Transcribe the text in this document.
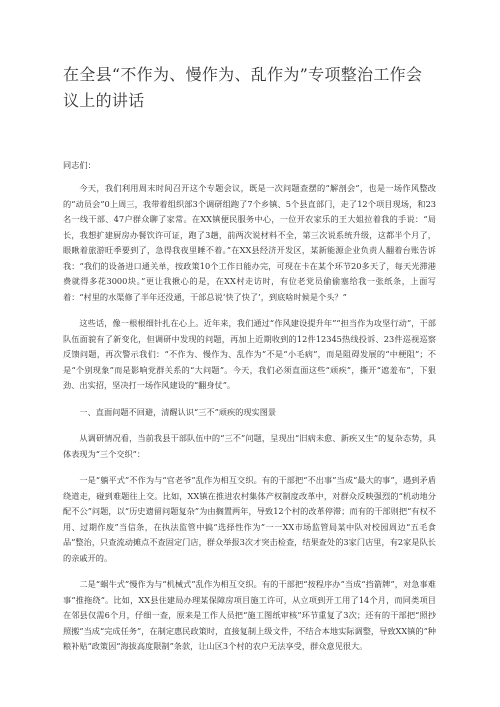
在全县“不作为、慢作为、乱作为”专项整治工作会议上的讲话

同志们：

今天，我们利用周末时间召开这个专题会议，既是一次问题查摆的“解剖会”，也是一场作风整改的“动员会”0上周三，我带着组织部3个调研组跑了7个乡镇、5个县直部门，走了12个项目现场，和23名一线干部、47户群众聊了家常。在XX镇便民服务中心，一位开农家乐的王大姐拉着我的手说：“局长，我想扩建厨房办餐饮许可证，跑了3趟，前两次说材料不全，第三次说系统升级，这都半个月了，眼瞅着旅游旺季要到了，急得我夜里睡不着。”在XX县经济开发区，某新能源企业负责人翻着台账告诉我：“我们的设备进口通关单，按政策10个工作日能办完，可现在卡在某个环节20多天了，每天光滞港费就得多花3000块。”更让我揪心的是，在XX村走访时，有位老党员偷偷塞给我一张纸条，上面写着：“村里的水渠修了半年还没通，干部总说‘快了快了’，到底啥时候是个头？”

这些话，像一根根细针扎在心上。近年来，我们通过“作风建设提升年”“担当作为攻坚行动”，干部队伍面貌有了新变化，但调研中发现的问题，再加上近期收到的12件12345热线投诉、23件巡视巡察反馈问题，再次警示我们：“不作为、慢作为、乱作为”不是“小毛病”，而是阻碍发展的“中梗阻”；不是“个别现象”而是影响党群关系的“大问题”。今天，我们必须直面这些“顽疾”，撕开“遮羞布”，下狠劲、出实招，坚决打一场作风建设的“翻身仗”。

一、直面问题不回避，清醒认识“三不”顽疾的现实图景

从调研情况看，当前我县干部队伍中的“三不”问题，呈现出“旧病未愈、新疾又生”的复杂态势，具体表现为“三个交织”：

一是“躺平式”不作为与“官老爷”乱作为相互交织。有的干部把“不出事”当成“最大的事”，遇到矛盾绕道走，碰到难题往上交。比如，XX镇在推进农村集体产权制度改革中，对群众反映强烈的“机动地分配不公”问题，以“历史遗留问题复杂”为由搁置两年，导致12个村的改革停滞；而有的干部则把“有权不用、过期作废”当信条，在执法监管中搞“选择性作为”一一XX市场监管局某中队对校园周边“五毛食品”整治，只查流动摊点不查固定门店，群众举报3次才突击检查，结果查处的3家门店里，有2家是队长的亲戚开的。

二是“蜗牛式”慢作为与“机械式”乱作为相互交织。有的干部把“按程序办”当成“挡箭牌”，对急事难事“推拖绕”。比如，XX县住建局办理某保障房项目施工许可，从立项到开工用了14个月，而同类项目在邻县仅需6个月，仔细一查，原来是工作人员把“施工图纸审核”环节重复了3次；还有的干部把“照抄照搬”当成“完成任务”，在制定惠民政策时，直接复制上级文件，不结合本地实际调整，导致XX镇的“种粮补贴”政策因“海拔高度限制”条款，让山区3个村的农户无法享受，群众意见很大。
